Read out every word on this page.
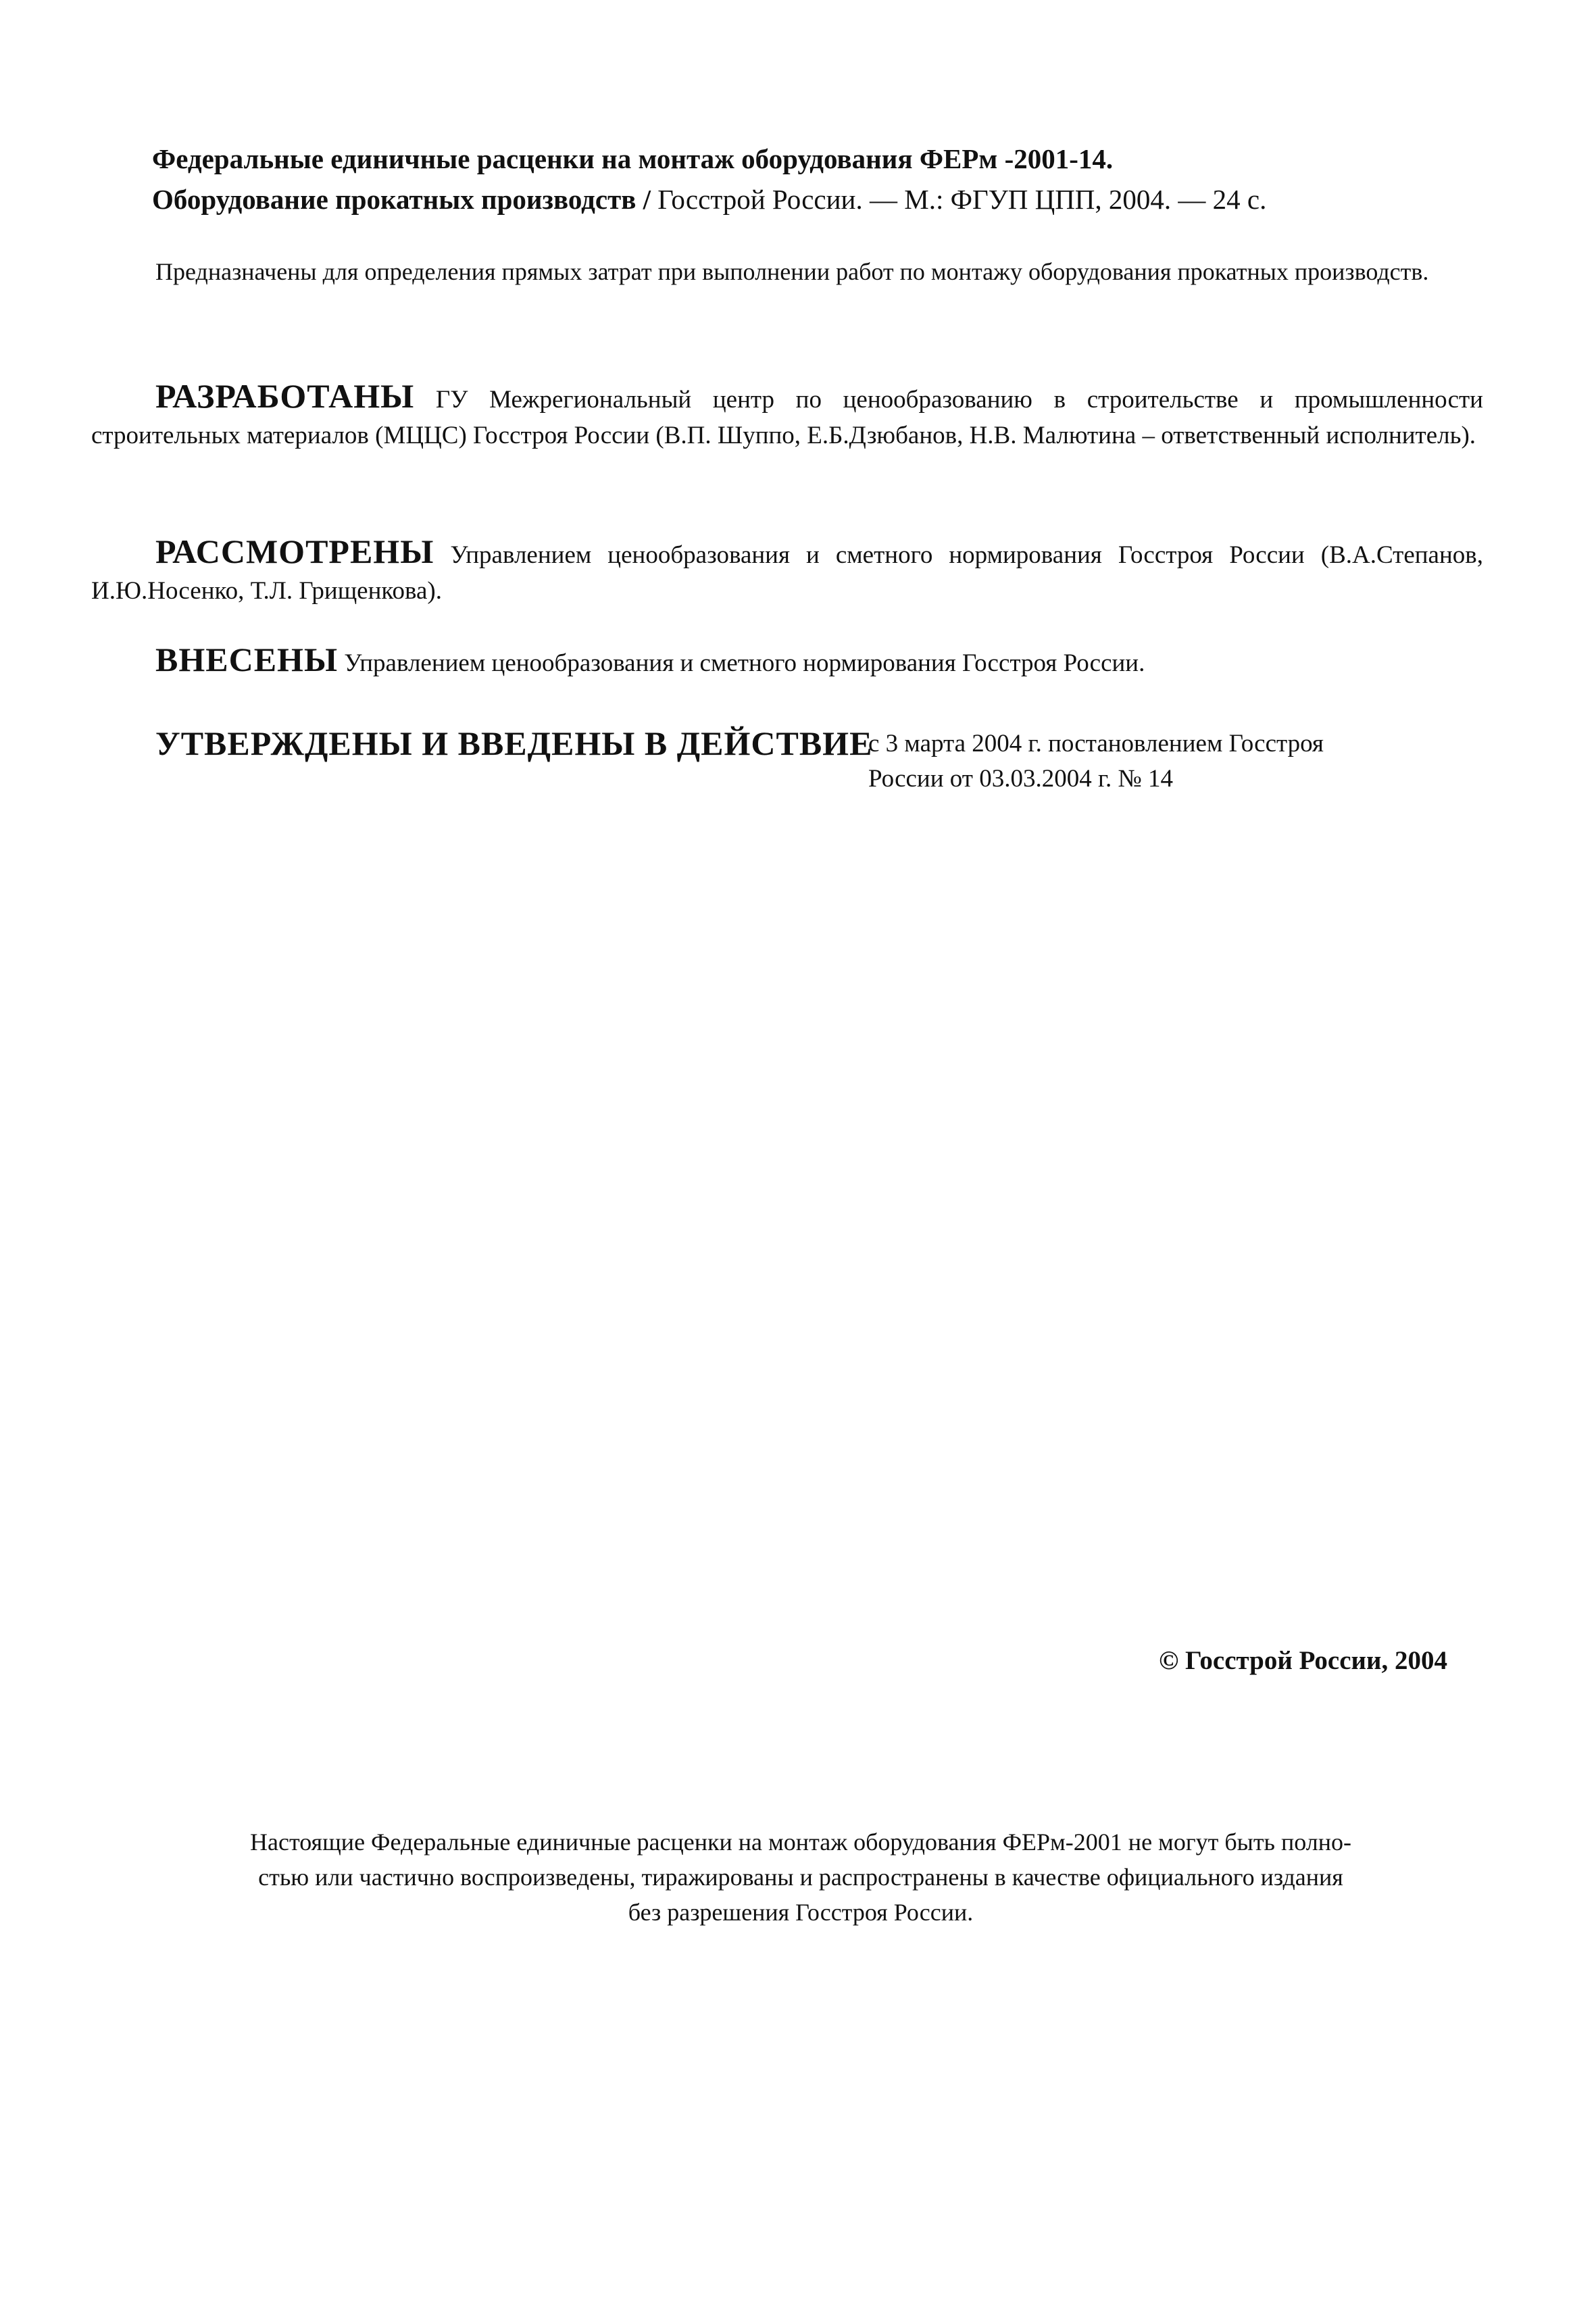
Федеральные единичные расценки на монтаж оборудования ФЕРм -2001-14.
Оборудование прокатных производств / Госстрой России. — М.: ФГУП ЦПП, 2004. — 24 с.
Предназначены для определения прямых затрат при выполнении работ по монтажу оборудования прокатных производств.
РАЗРАБОТАНЫ ГУ Межрегиональный центр по ценообразованию в строительстве и промышленности строительных материалов (МЦЦС) Госстроя России (В.П. Шуппо, Е.Б.Дзюбанов, Н.В. Малютина – ответственный исполнитель).
РАССМОТРЕНЫ Управлением ценообразования и сметного нормирования Госстроя России (В.А.Степанов, И.Ю.Носенко, Т.Л. Грищенкова).
ВНЕСЕНЫ Управлением ценообразования и сметного нормирования Госстроя России.
УТВЕРЖДЕНЫ И ВВЕДЕНЫ В ДЕЙСТВИЕ
с 3 марта 2004 г. постановлением Госстроя
России от 03.03.2004 г. № 14
© Госстрой России, 2004
Настоящие Федеральные единичные расценки на монтаж оборудования ФЕРм-2001 не могут быть полно-
стью или частично воспроизведены, тиражированы и распространены в качестве официального издания
без разрешения Госстроя России.
